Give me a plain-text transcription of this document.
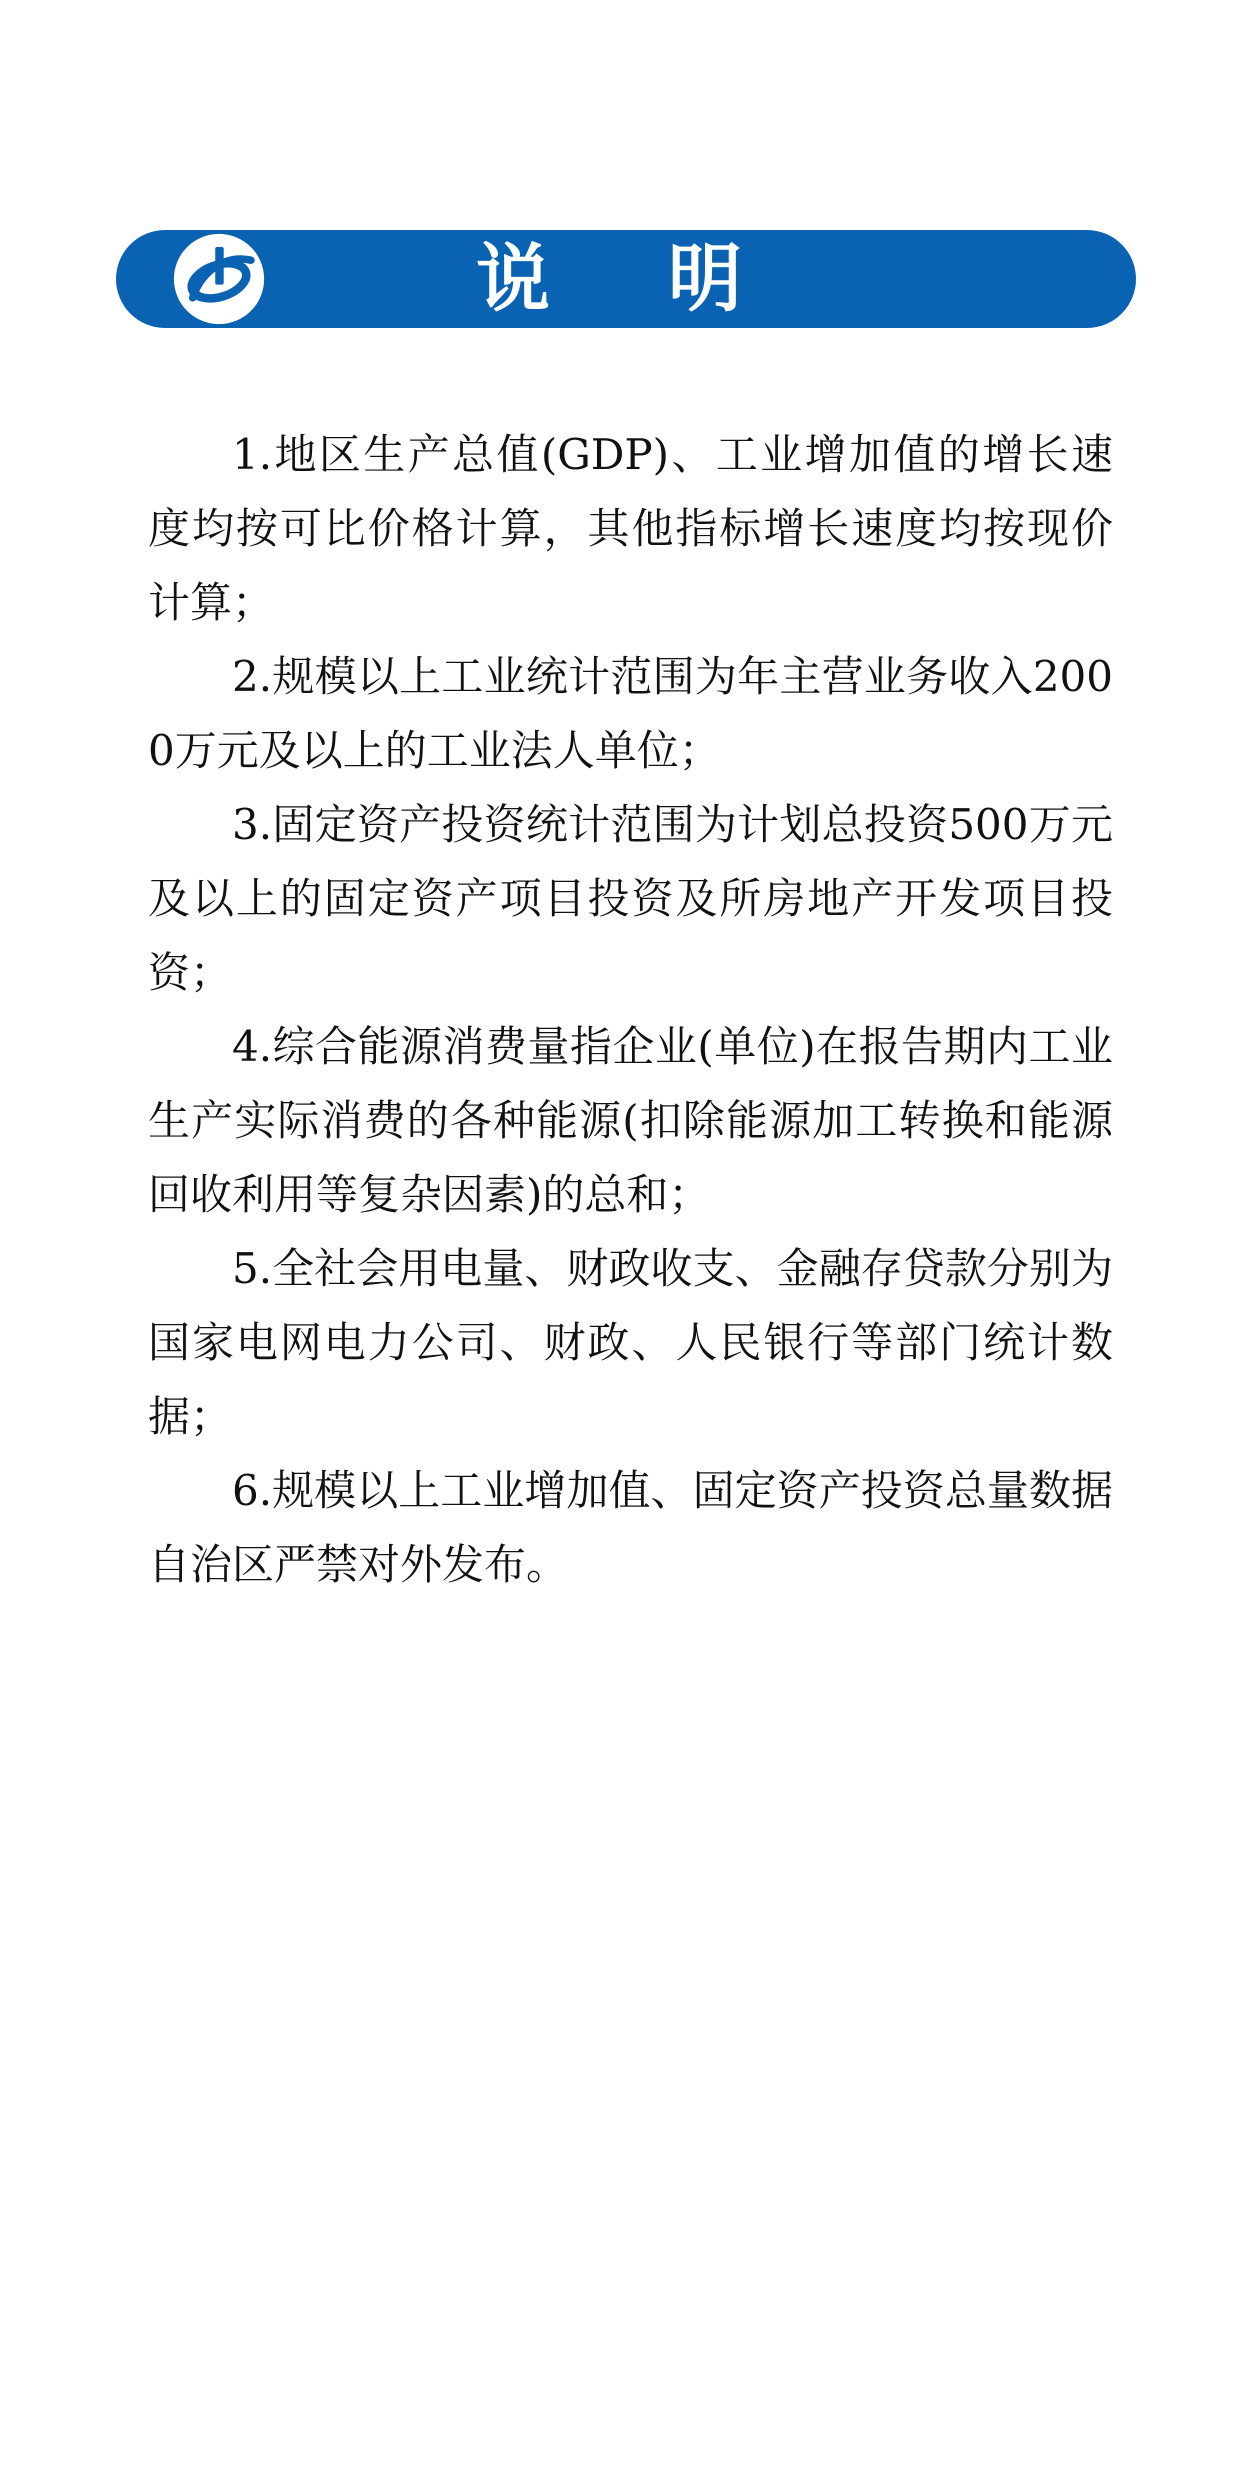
说明

1.地区生产总值(GDP)、工业增加值的增长速度均按可比价格计算，其他指标增长速度均按现价计算；

2.规模以上工业统计范围为年主营业务收入2000万元及以上的工业法人单位；

3.固定资产投资统计范围为计划总投资500万元及以上的固定资产项目投资及所房地产开发项目投资；

4.综合能源消费量指企业(单位)在报告期内工业生产实际消费的各种能源(扣除能源加工转换和能源回收利用等复杂因素)的总和；

5.全社会用电量、财政收支、金融存贷款分别为国家电网电力公司、财政、人民银行等部门统计数据；

6.规模以上工业增加值、固定资产投资总量数据自治区严禁对外发布。
